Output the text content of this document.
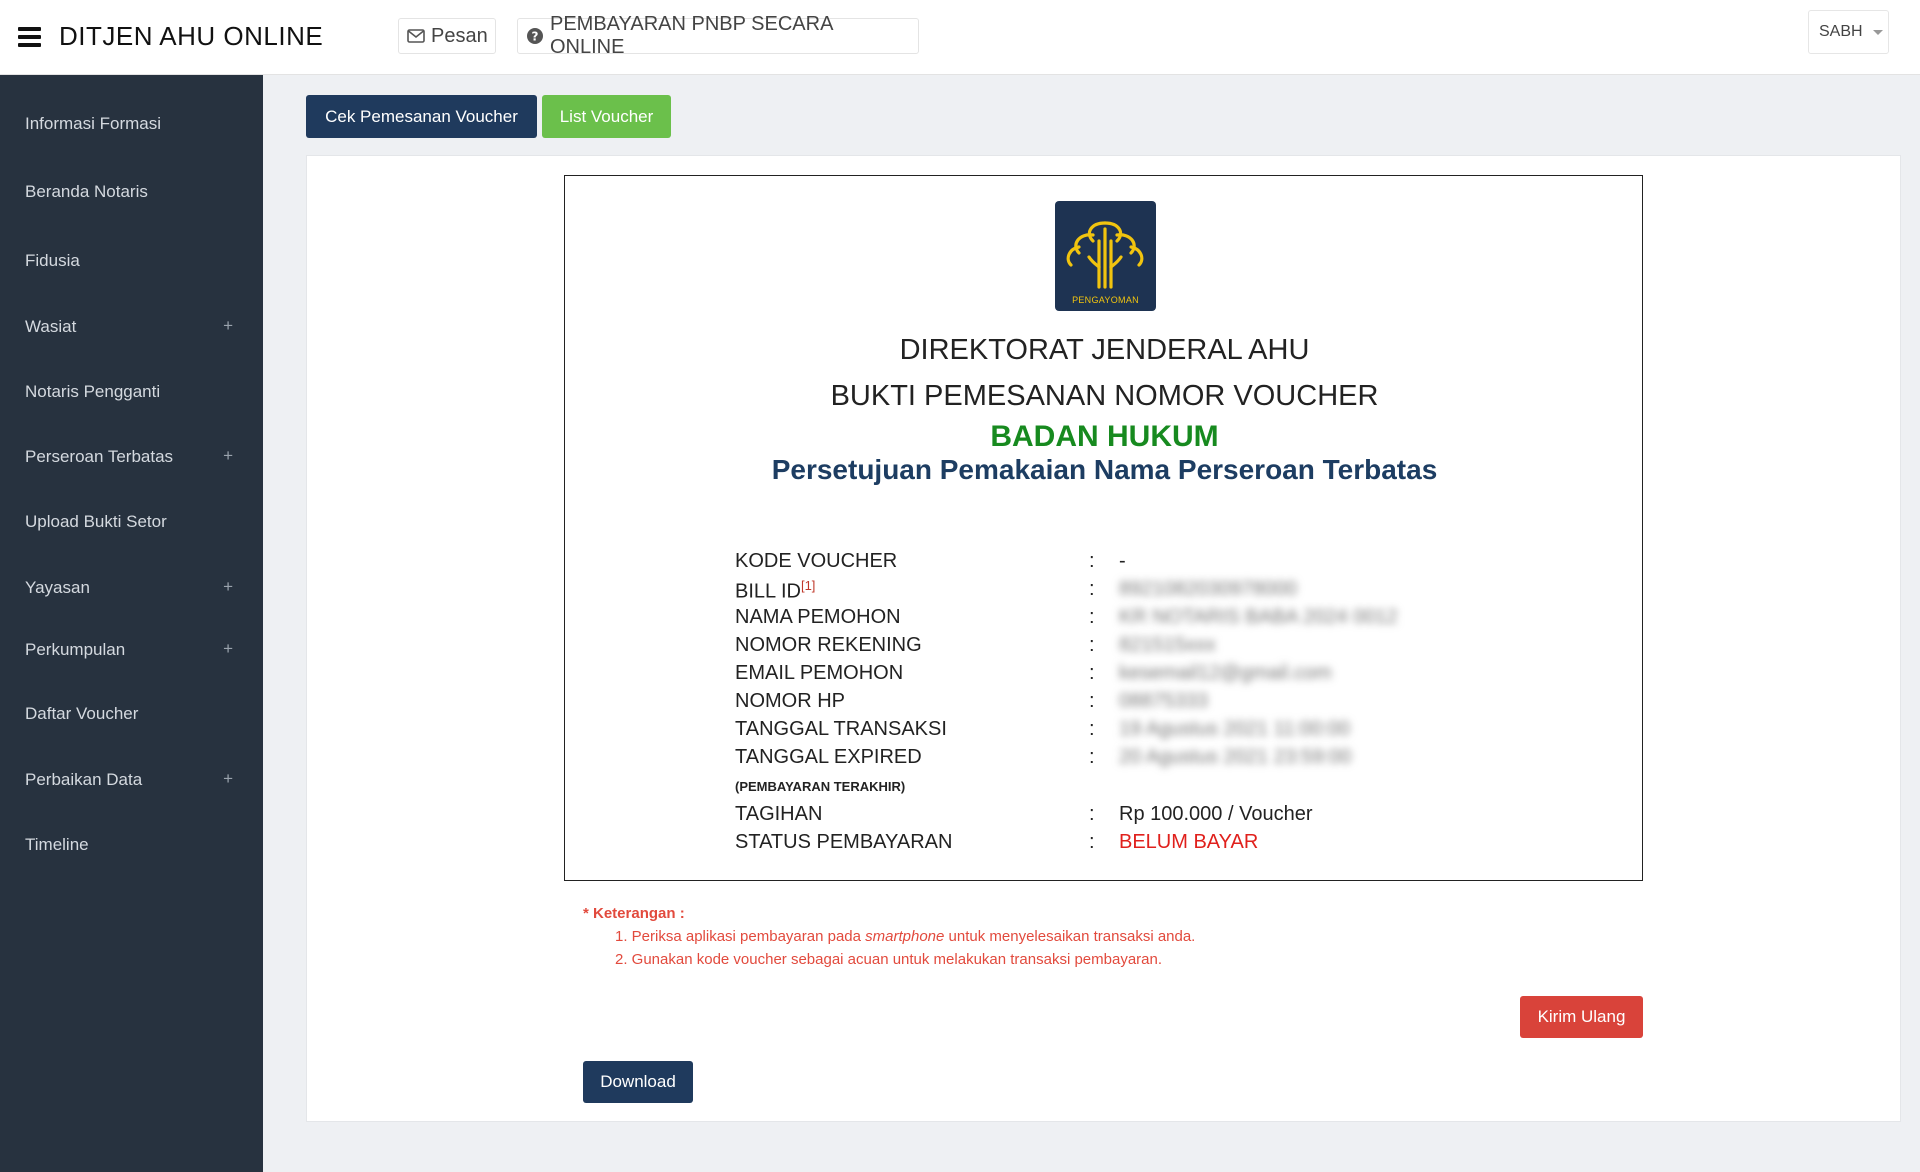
DITJEN AHU ONLINE	Pesan	?
PEMBAYARAN PNBP SECARA ONLINE
SABH
Informasi Formasi
Beranda Notaris
Fidusia
Wasiat	+
Notaris Pengganti
Perseroan Terbatas	+
Upload Bukti Setor
Yayasan	+
Perkumpulan	+
Daftar Voucher
Perbaikan Data	+
Timeline
Cek Pemesanan Voucher	List Voucher
PENGAYOMAN
DIREKTORAT JENDERAL AHU
BUKTI PEMESANAN NOMOR VOUCHER
BADAN HUKUM
Persetujuan Pemakaian Nama Perseroan Terbatas
KODE VOUCHER	: -
BILL ID[1]	: 8921082030978000
NAMA PEMOHON	: KR NOTARIS BABA 2024 0012
NOMOR REKENING	: 821515xxx
EMAIL PEMOHON	: kesemail12@gmail.com
NOMOR HP	: 08875333
TANGGAL TRANSAKSI	: 19 Agustus 2021 11:00:00
TANGGAL EXPIRED	: 20 Agustus 2021 23:59:00
(PEMBAYARAN TERAKHIR)
TAGIHAN	: Rp 100.000 / Voucher
STATUS PEMBAYARAN	: BELUM BAYAR
* Keterangan :
1. Periksa aplikasi pembayaran pada smartphone untuk menyelesaikan transaksi anda.
2. Gunakan kode voucher sebagai acuan untuk melakukan transaksi pembayaran.
Kirim Ulang
Download
